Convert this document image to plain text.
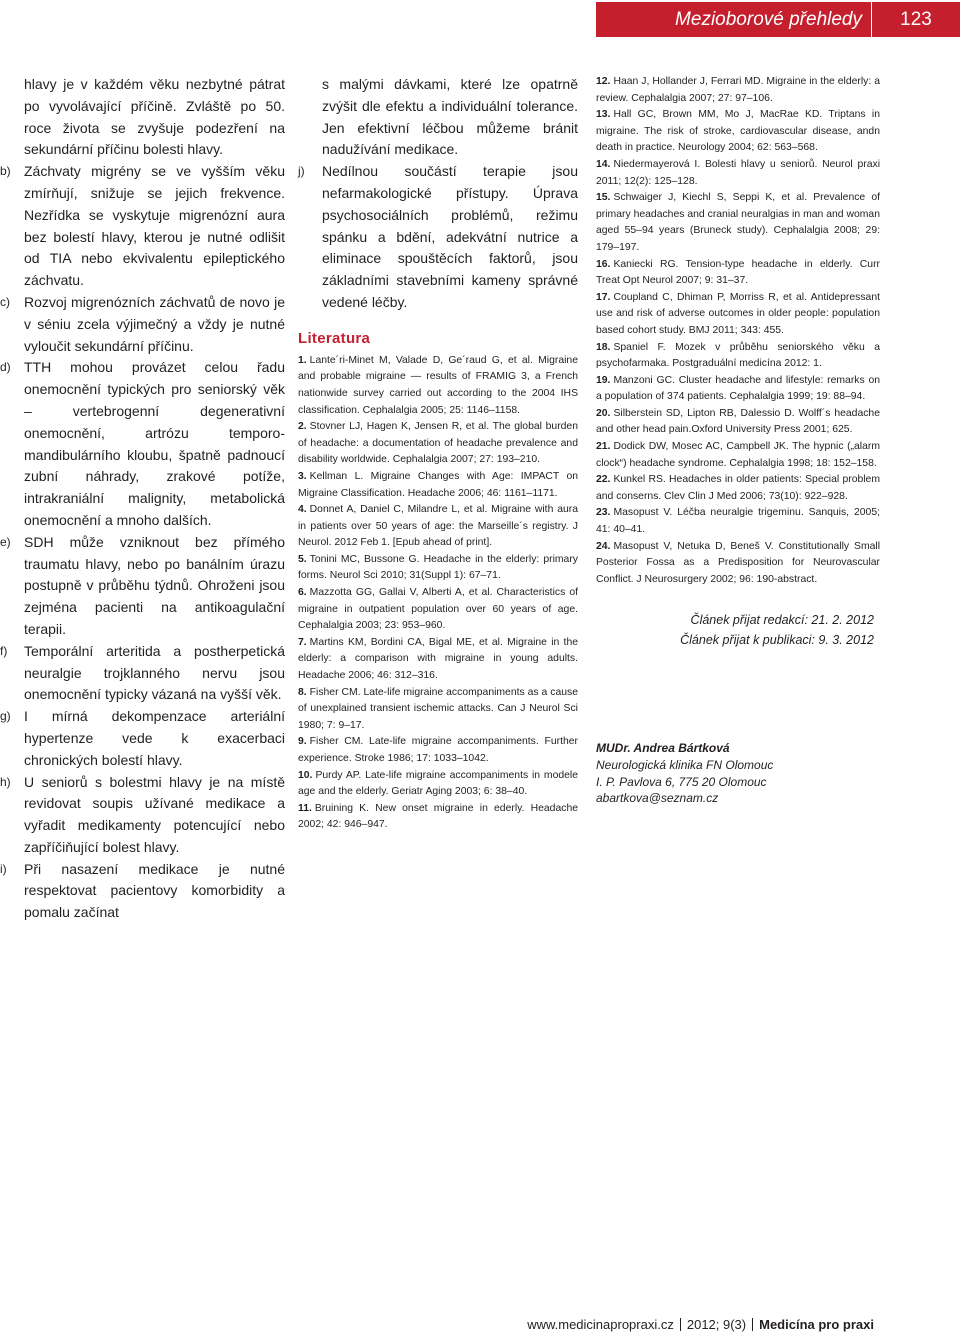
Mezioborové přehledy	123

hlavy je v každém věku nezbytné pátrat po vyvolávající příčině. Zvláště po 50. roce života se zvyšuje podezření na sekundární příčinu bolesti hlavy.

b) Záchvaty migrény se ve vyšším věku zmírňují, snižuje se jejich frekvence. Nezřídka se vyskytuje migrenózní aura bez bolestí hlavy, kterou je nutné odlišit od TIA nebo ekvivalentu epileptického záchvatu.
c) Rozvoj migrenózních záchvatů de novo je v séniu zcela výjimečný a vždy je nutné vyloučit sekundární příčinu.
d) TTH mohou provázet celou řadu onemocnění typických pro seniorský věk – vertebrogenní degenerativní onemocnění, artrózu temporo-mandibulárního kloubu, špatně padnoucí zubní náhrady, zrakové potíže, intrakraniální malignity, metabolická onemocnění a mnoho dalších.
e) SDH může vzniknout bez přímého traumatu hlavy, nebo po banálním úrazu postupně v průběhu týdnů. Ohroženi jsou zejména pacienti na antikoagulační terapii.
f) Temporální arteritida a postherpetická neuralgie trojklanného nervu jsou onemocnění typicky vázaná na vyšší věk.
g) I mírná dekompenzace arteriální hypertenze vede k exacerbaci chronických bolestí hlavy.
h) U seniorů s bolestmi hlavy je na místě revidovat soupis užívané medikace a vyřadit medikamenty potencující nebo zapříčiňující bolest hlavy.
i) Při nasazení medikace je nutné respektovat pacientovy komorbidity a pomalu začínat

s malými dávkami, které lze opatrně zvýšit dle efektu a individuální tolerance. Jen efektivní léčbou můžeme bránit nadužívání medikace.

j) Nedílnou součástí terapie jsou nefarmakologické přístupy. Úprava psychosociálních problémů, režimu spánku a bdění, adekvátní nutrice a eliminace spouštěcích faktorů, jsou základními stavebními kameny správné vedené léčby.
Literatura

1. Lante´ri-Minet M, Valade D, Ge´raud G, et al. Migraine and probable migraine — results of FRAMIG 3, a French nationwide survey carried out according to the 2004 IHS classification. Cephalalgia 2005; 25: 1146–1158.

2. Stovner LJ, Hagen K, Jensen R, et al. The global burden of headache: a documentation of headache prevalence and disability worldwide. Cephalalgia 2007; 27: 193–210.

3. Kellman L. Migraine Changes with Age: IMPACT on Migraine Classification. Headache 2006; 46: 1161–1171.

4. Donnet A, Daniel C, Milandre L, et al. Migraine with aura in patients over 50 years of age: the Marseille´s registry. J Neurol. 2012 Feb 1. [Epub ahead of print].

5. Tonini MC, Bussone G. Headache in the elderly: primary forms. Neurol Sci 2010; 31(Suppl 1): 67–71.

6. Mazzotta GG, Gallai V, Alberti A, et al. Characteristics of migraine in outpatient population over 60 years of age. Cephalalgia 2003; 23: 953–960.

7. Martins KM, Bordini CA, Bigal ME, et al. Migraine in the elderly: a comparison with migraine in young adults. Headache 2006; 46: 312–316.

8. Fisher CM. Late-life migraine accompaniments as a cause of unexplained transient ischemic attacks. Can J Neurol Sci 1980; 7: 9–17.

9. Fisher CM. Late-life migraine accompaniments. Further experience. Stroke 1986; 17: 1033–1042.

10. Purdy AP. Late-life migraine accompaniments in modele age and the elderly. Geriatr Aging 2003; 6: 38–40.

11. Bruining K. New onset migraine in ederly. Headache 2002; 42: 946–947.

12. Haan J, Hollander J, Ferrari MD. Migraine in the elderly: a review. Cephalalgia 2007; 27: 97–106.

13. Hall GC, Brown MM, Mo J, MacRae KD. Triptans in migraine. The risk of stroke, cardiovascular disease, andn death in practice. Neurology 2004; 62: 563–568.

14. Niedermayerová I. Bolesti hlavy u seniorů. Neurol praxi 2011; 12(2): 125–128.

15. Schwaiger J, Kiechl S, Seppi K, et al. Prevalence of primary headaches and cranial neuralgias in man and woman aged 55–94 years (Bruneck study). Cephalalgia 2008; 29: 179–197.

16. Kaniecki RG. Tension-type headache in elderly. Curr Treat Opt Neurol 2007; 9: 31–37.

17. Coupland C, Dhiman P, Morriss R, et al. Antidepressant use and risk of adverse outcomes in older people: population based cohort study. BMJ 2011; 343: 455.

18. Spaniel F. Mozek v průběhu seniorského věku a psychofarmaka. Postgraduální medicína 2012: 1.

19. Manzoni GC. Cluster headache and lifestyle: remarks on a population of 374 patients. Cephalalgia 1999; 19: 88–94.

20. Silberstein SD, Lipton RB, Dalessio D. Wolff´s headache and other head pain.Oxford University Press 2001; 625.

21. Dodick DW, Mosec AC, Campbell JK. The hypnic („alarm clock“) headache syndrome. Cephalalgia 1998; 18: 152–158.

22. Kunkel RS. Headaches in older patients: Special problem and conserns. Clev Clin J Med 2006; 73(10): 922–928.

23. Masopust V. Léčba neuralgie trigeminu. Sanquis, 2005; 41: 40–41.

24. Masopust V, Netuka D, Beneš V. Constitutionally Small Posterior Fossa as a Predisposition for Neurovascular Conflict. J Neurosurgery 2002; 96: 190-abstract.

Článek přijat redakcí: 21. 2. 2012
Článek přijat k publikaci: 9. 3. 2012
MUDr. Andrea Bártková
Neurologická klinika FN Olomouc
I. P. Pavlova 6, 775 20 Olomouc
abartkova@seznam.cz
www.medicinapropraxi.cz 2012; 9(3) Medicína pro praxi
